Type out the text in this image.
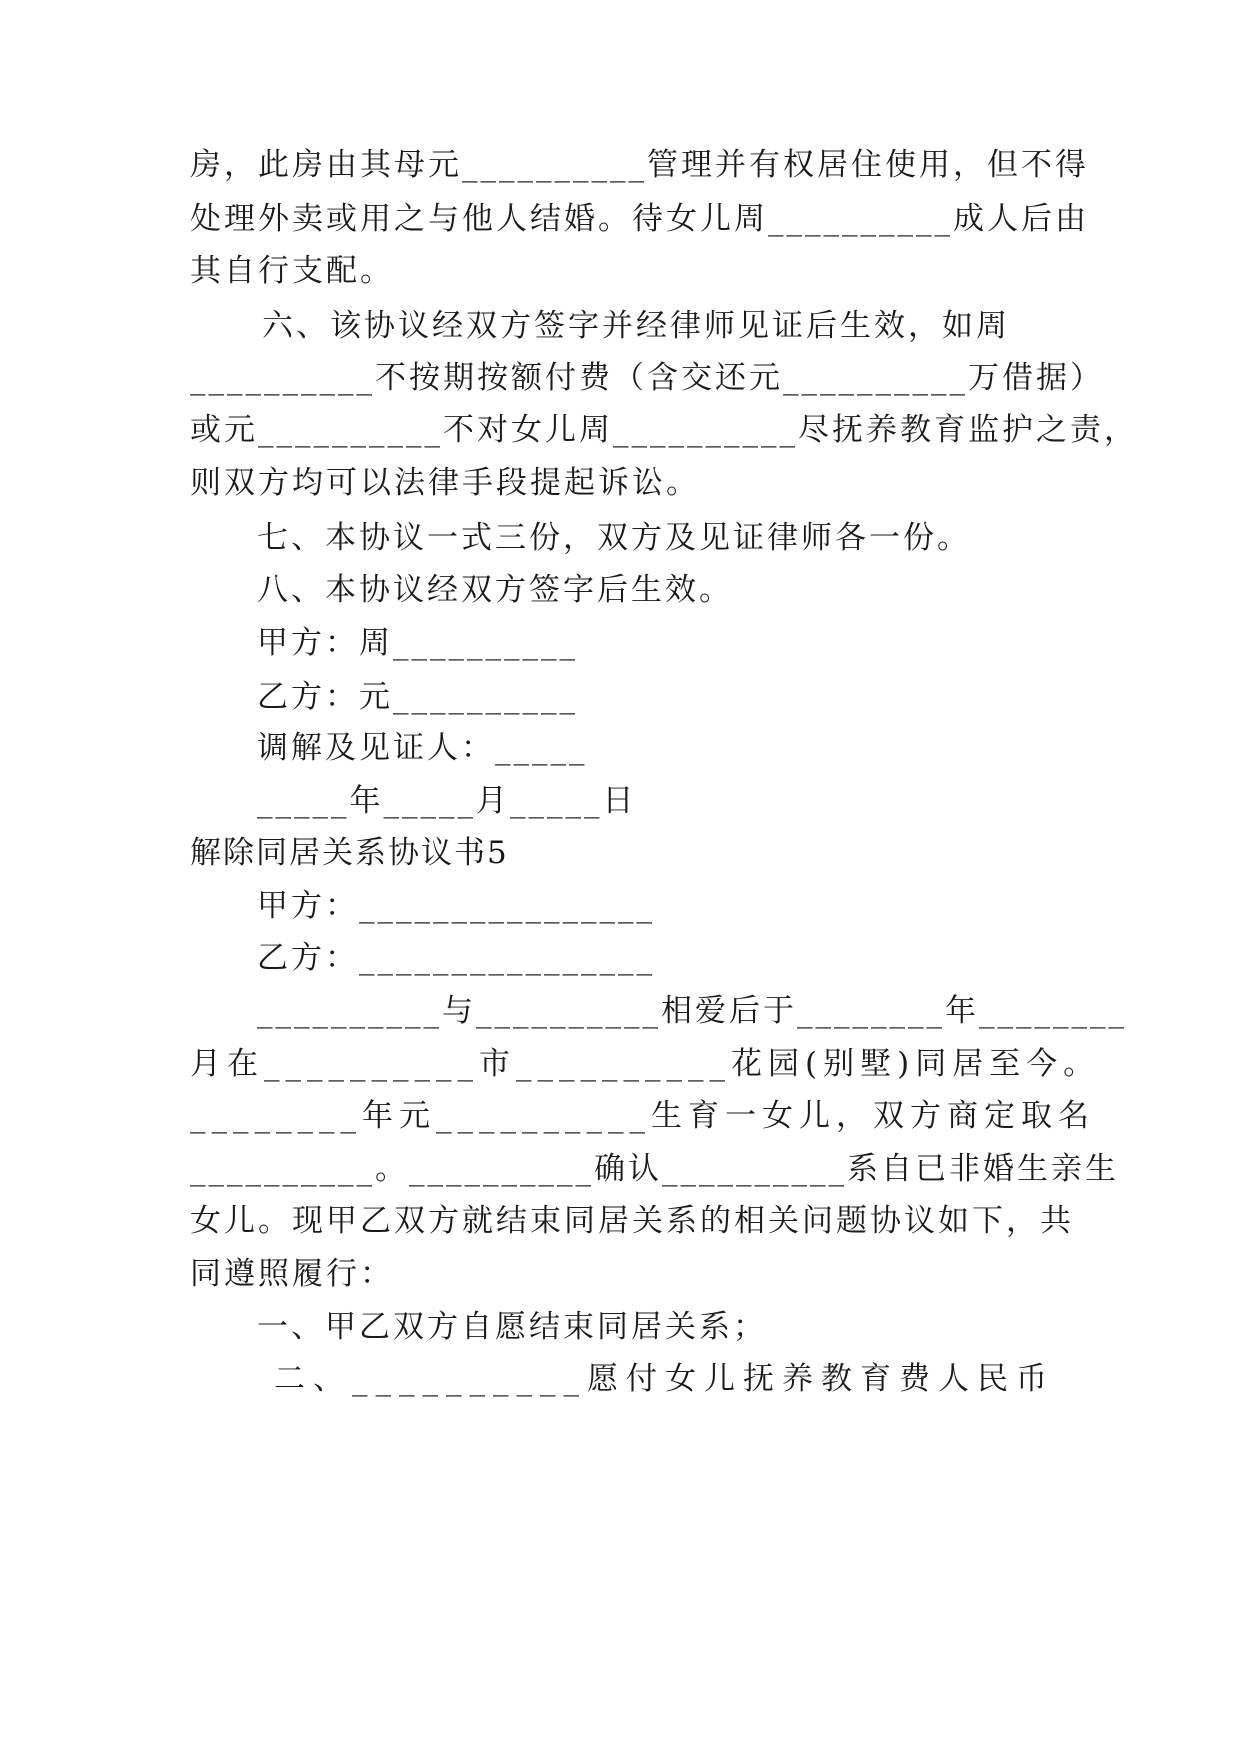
房，此房由其母元__________管理并有权居住使用，但不得
处理外卖或用之与他人结婚。待女儿周__________成人后由
其自行支配。
六、该协议经双方签字并经律师见证后生效，如周
__________不按期按额付费（含交还元__________万借据）
或元__________不对女儿周__________尽抚养教育监护之责，
则双方均可以法律手段提起诉讼。
七、本协议一式三份，双方及见证律师各一份。
八、本协议经双方签字后生效。
甲方：周__________
乙方：元__________
调解及见证人：_____
_____年_____月_____日
解除同居关系协议书5
甲方：________________
乙方：________________
__________与__________相爱后于________年________
月在__________市__________花园(别墅)同居至今。
________年元__________生育一女儿，双方商定取名
__________。__________确认__________系自已非婚生亲生
女儿。现甲乙双方就结束同居关系的相关问题协议如下，共
同遵照履行：
一、甲乙双方自愿结束同居关系；
二、__________愿付女儿抚养教育费人民币
